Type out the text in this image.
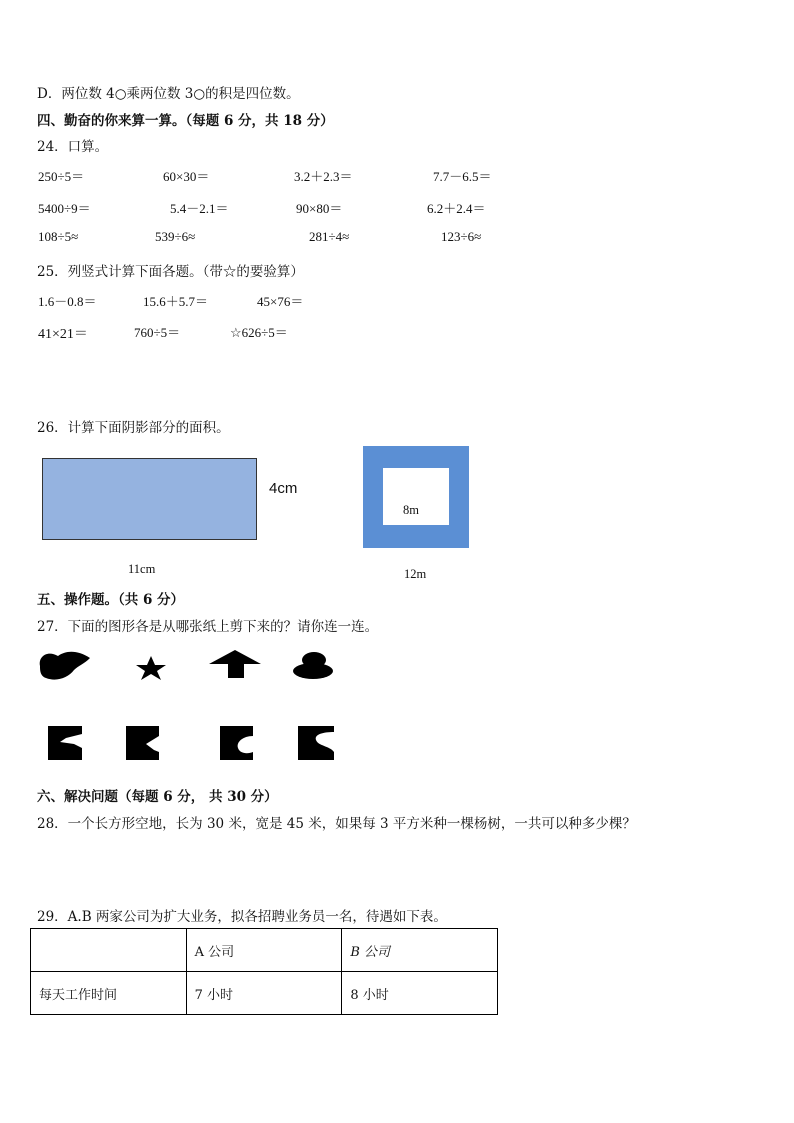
D．两位数 4○乘两位数 3○的积是四位数。
四、勤奋的你来算一算。（每题 6 分，共 18 分）
24．口算。
250÷5＝	60×30＝	3.2＋2.3＝	7.7－6.5＝
5400÷9＝	5.4－2.1＝	90×80＝	6.2＋2.4＝
108÷5≈	539÷6≈	281÷4≈	123÷6≈
25．列竖式计算下面各题。（带☆的要验算）
1.6－0.8＝	15.6＋5.7＝	45×76＝
41×21＝	760÷5＝	☆626÷5＝
26．计算下面阴影部分的面积。
4cm
11cm
8m
12m
五、操作题。（共 6 分）
27．下面的图形各是从哪张纸上剪下来的？请你连一连。
六、解决问题（每题 6 分， 共 30 分）
28．一个长方形空地，长为 30 米，宽是 45 米，如果每 3 平方米种一棵杨树，一共可以种多少棵？
29．A.B 两家公司为扩大业务，拟各招聘业务员一名，待遇如下表。
	A 公司	B 公司
每天工作时间	7 小时	8 小时
